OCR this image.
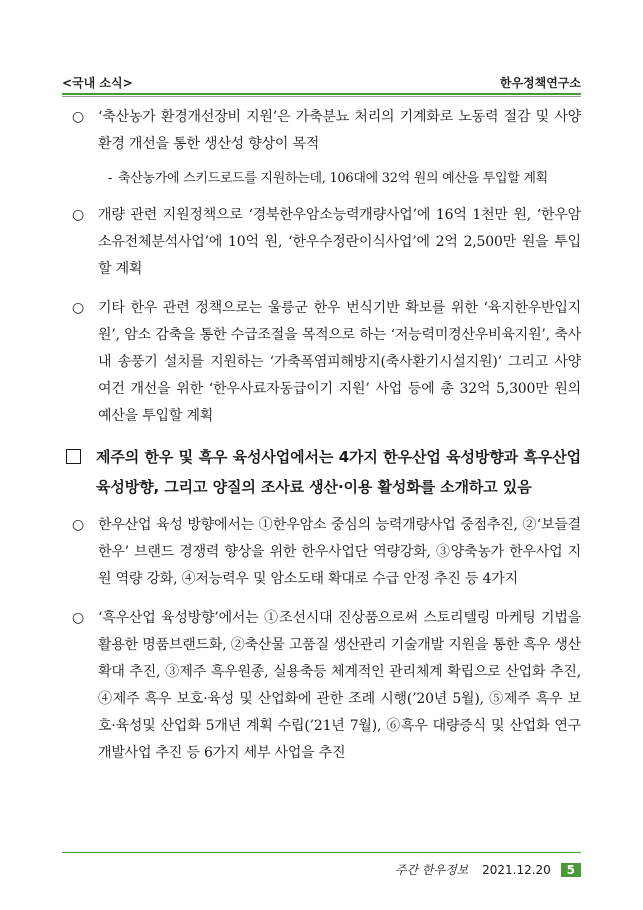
<국내 소식>	한우정책연구소
○ ‘축산농가 환경개선장비 지원’은 가축분뇨 처리의 기계화로 노동력 절감 및 사양환경 개선을 통한 생산성 향상이 목적
- 축산농가에 스키드로드를 지원하는데, 106대에 32억 원의 예산을 투입할 계획
○ 개량 관련 지원정책으로 ‘경북한우암소능력개량사업’에 16억 1천만 원, ‘한우암소유전체분석사업’에 10억 원, ‘한우수정란이식사업’에 2억 2,500만 원을 투입할 계획
○ 기타 한우 관련 정책으로는 울릉군 한우 번식기반 확보를 위한 ‘육지한우반입지원’, 암소 감축을 통한 수급조절을 목적으로 하는 ‘저능력미경산우비육지원’, 축사 내 송풍기 설치를 지원하는 ‘가축폭염피해방지(축사환기시설지원)’ 그리고 사양 여건 개선을 위한 ‘한우사료자동급이기 지원’ 사업 등에 총 32억 5,300만 원의 예산을 투입할 계획
제주의 한우 및 흑우 육성사업에서는 4가지 한우산업 육성방향과 흑우산업 육성방향, 그리고 양질의 조사료 생산·이용 활성화를 소개하고 있음
○ 한우산업 육성 방향에서는 ①한우암소 중심의 능력개량사업 중점추진, ②‘보들결한우’ 브랜드 경쟁력 향상을 위한 한우사업단 역량강화, ③양축농가 한우사업 지원 역량 강화, ④저능력우 및 암소도태 확대로 수급 안정 추진 등 4가지
○ ‘흑우산업 육성방향’에서는 ①조선시대 진상품으로써 스토리텔링 마케팅 기법을 활용한 명품브랜드화, ②축산물 고품질 생산관리 기술개발 지원을 통한 흑우 생산확대 추진, ③제주 흑우원종, 실용축등 체계적인 관리체계 확립으로 산업화 추진, ④제주 흑우 보호·육성 및 산업화에 관한 조례 시행(’20년 5월), ⑤제주 흑우 보호·육성및 산업화 5개년 계획 수립(’21년 7월), ⑥흑우 대량증식 및 산업화 연구개발사업 추진 등 6가지 세부 사업을 추진
주간 한우정보 2021.12.20 5
